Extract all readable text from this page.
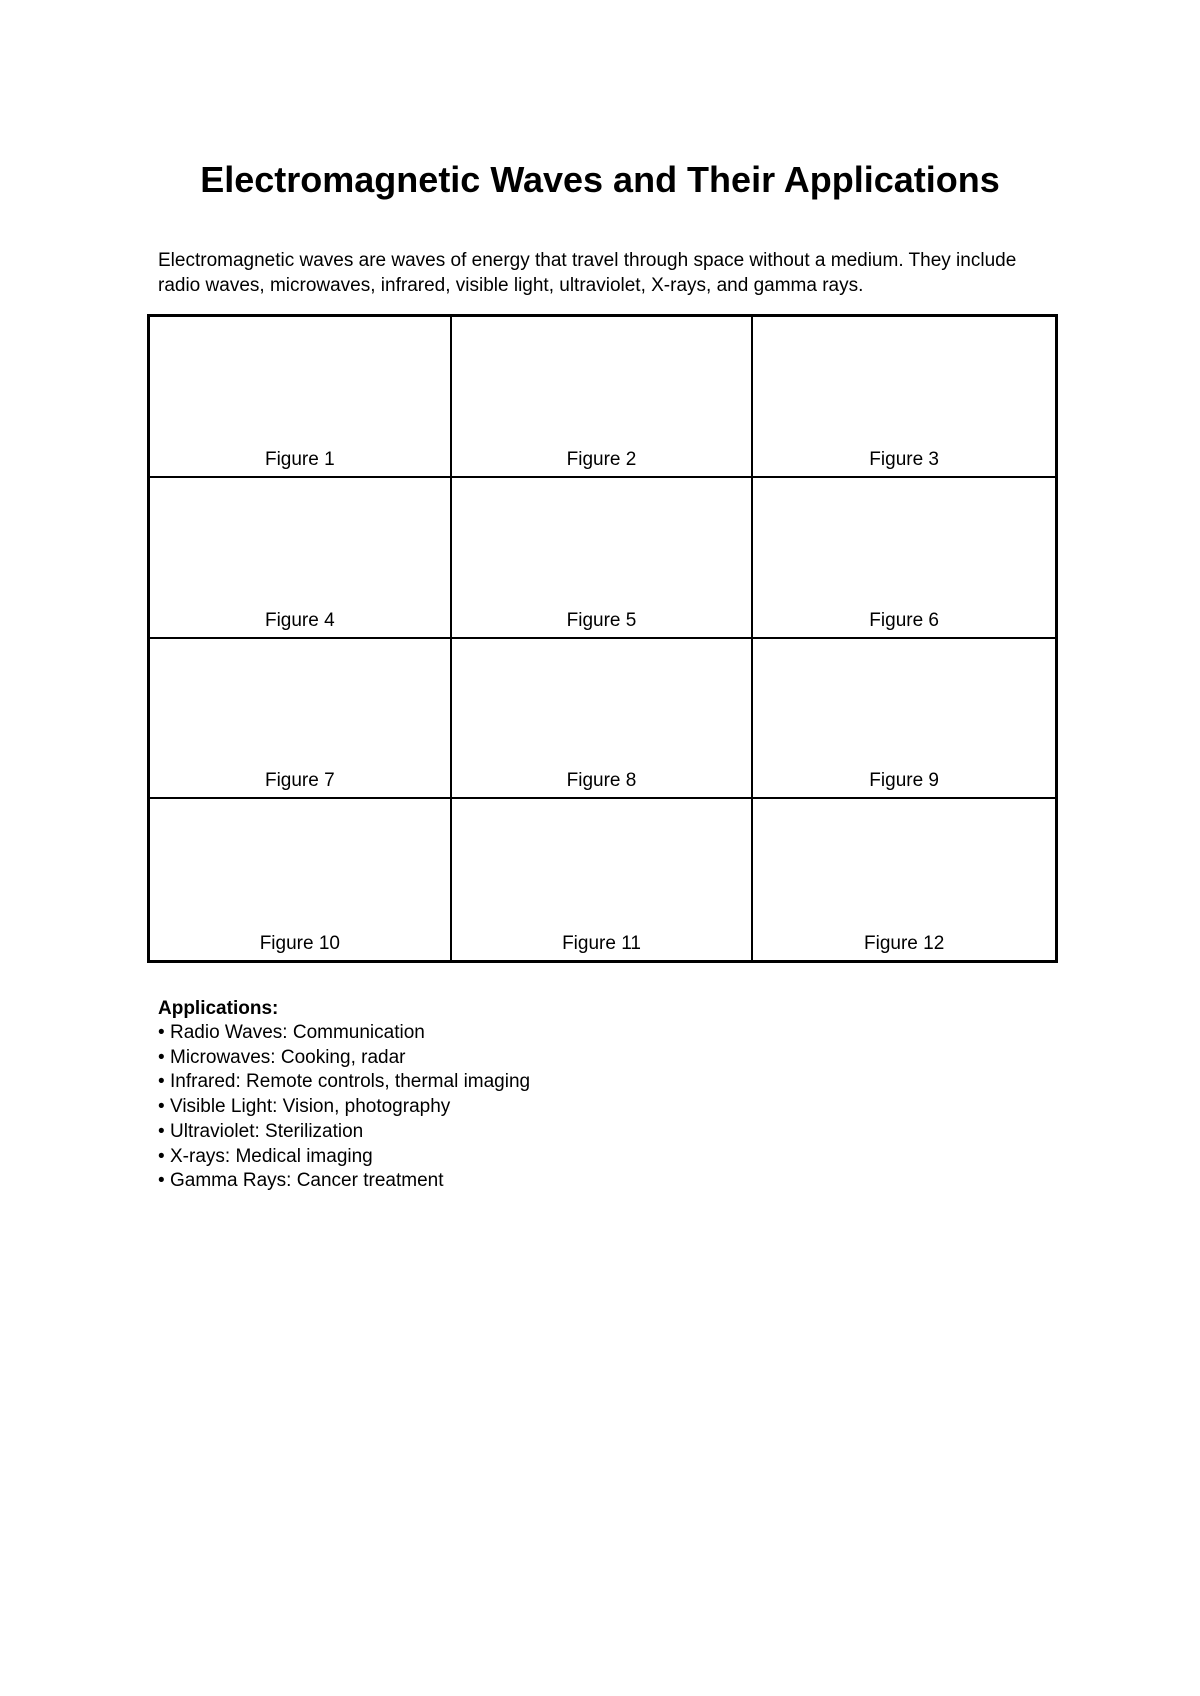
Electromagnetic Waves and Their Applications

Electromagnetic waves are waves of energy that travel through space without a medium. They include radio waves, microwaves, infrared, visible light, ultraviolet, X-rays, and gamma rays.

Figure 1	Figure 2	Figure 3
Figure 4	Figure 5	Figure 6
Figure 7	Figure 8	Figure 9
Figure 10	Figure 11	Figure 12

Applications:

• Radio Waves: Communication
• Microwaves: Cooking, radar
• Infrared: Remote controls, thermal imaging
• Visible Light: Vision, photography
• Ultraviolet: Sterilization
• X-rays: Medical imaging
• Gamma Rays: Cancer treatment
